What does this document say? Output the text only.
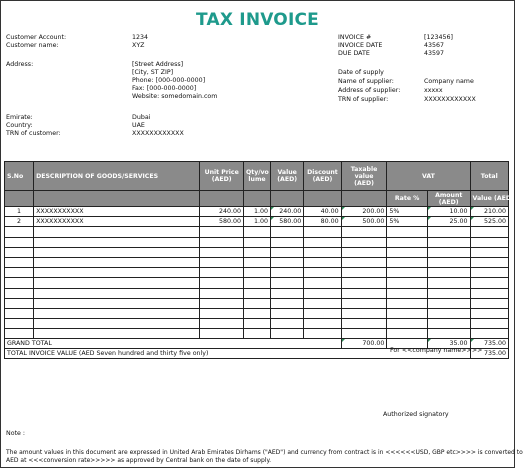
TAX INVOICE
Customer Account:	1234
Customer name:	XYZ
Address:	[Street Address]
[City, ST ZIP]
Phone: [000-000-0000]
Fax: [000-000-0000]
Website: somedomain.com
Emirate:	Dubai
Country:	UAE
TRN of customer:	XXXXXXXXXXXX
INVOICE #	[123456]
INVOICE DATE	43567
DUE DATE	43597
Date of supply
Name of supplier:	Company name
Address of supplier:	xxxxx
TRN of supplier:	XXXXXXXXXXXX
S.No	DESCRIPTION OF GOODS/SERVICES	Unit Price (AED)	Qty/vo lume	Value (AED)	Discount (AED)	Taxable value (AED)	VAT		Total
							Rate %	Amount (AED)	Value (AED)
1	XXXXXXXXXXX	240.00	1.00	240.00	40.00	200.00	5%	10.00	210.00
2	XXXXXXXXXXX	580.00	1.00	580.00	80.00	500.00	5%	25.00	525.00

GRAND TOTAL						700.00		35.00	735.00
TOTAL INVOICE VALUE (AED Seven hundred and thirty five only)									735.00
For <<company name>>>>
Authorized signatory
Note :
The amount values in this document are expressed in United Arab Emirates Dirhams ("AED") and currency from contract is in <<<<<<USD, GBP etc>>>> is converted to
AED at <<<conversion rate>>>>> as approved by Central bank on the date of supply.
